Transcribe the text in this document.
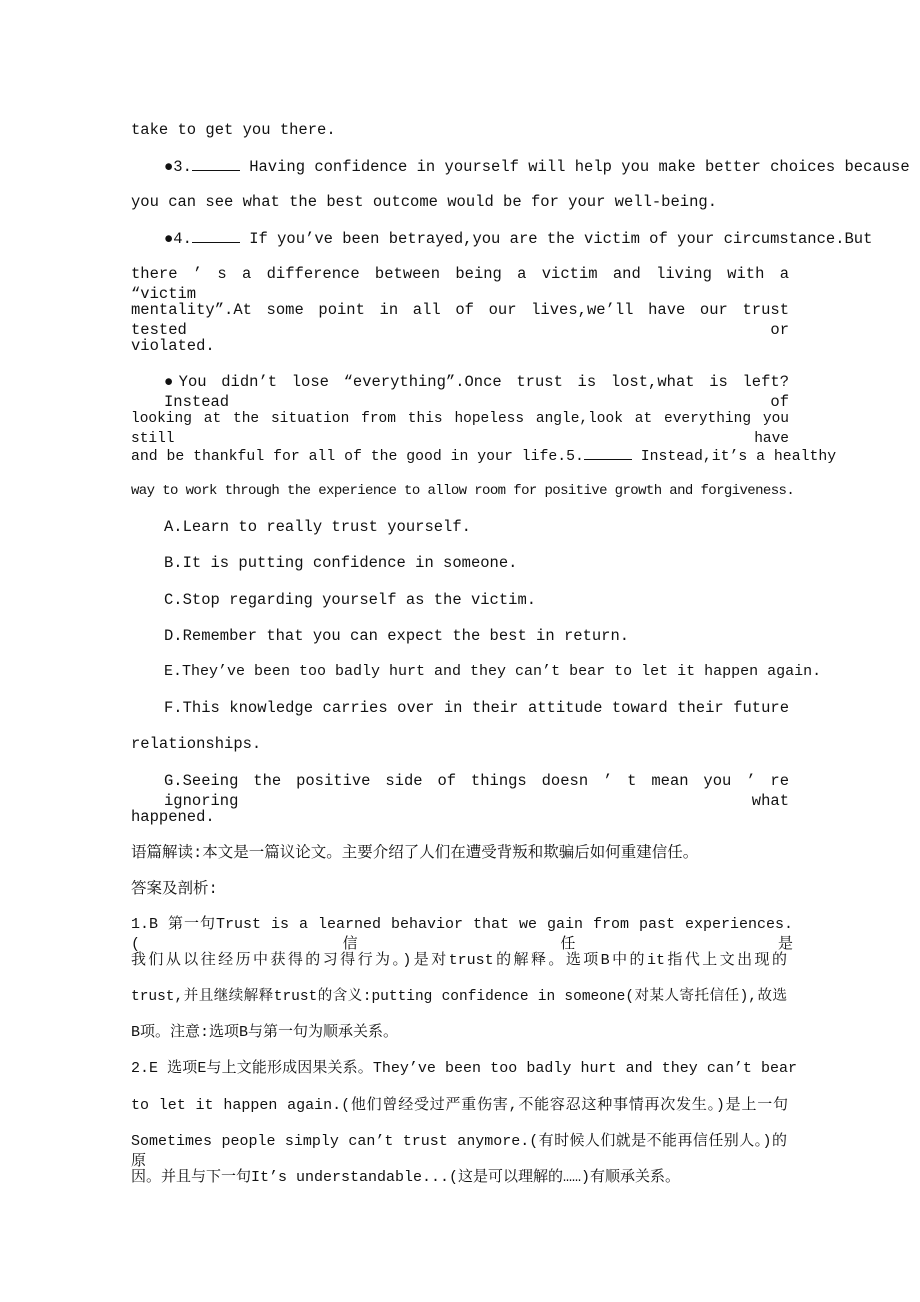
take to get you there.
●3.	Having confidence in yourself will help you make better choices because
you can see what the best outcome would be for your well-being.
●4.	If you’ve been betrayed,you are the victim of your circumstance.But
there ’ s a difference between being a victim and living with a “victim
mentality”.At some point in all of our lives,we’ll have our trust tested or
violated.
●You didn’t lose “everything”.Once trust is lost,what is left? Instead of
looking at the situation from this hopeless angle,look at everything you still have
and be thankful for all of the good in your life.5.	Instead,it’s a healthy
way to work through the experience to allow room for positive growth and forgiveness.
A.Learn to really trust yourself.
B.It is putting confidence in someone.
C.Stop regarding yourself as the victim.
D.Remember that you can expect the best in return.
E.They’ve been too badly hurt and they can’t bear to let it happen again.
F.This knowledge carries over in their attitude toward their future
relationships.
G.Seeing the positive side of things doesn ’ t mean you ’ re ignoring what
happened.
语篇解读:本文是一篇议论文。主要介绍了人们在遭受背叛和欺骗后如何重建信任。
答案及剖析:
1.B 第一句Trust is a learned behavior that we gain from past experiences.(信任是
我们从以往经历中获得的习得行为。)是对trust的解释。选项B中的it指代上文出现的
trust,并且继续解释trust的含义:putting confidence in someone(对某人寄托信任),故选
B项。注意:选项B与第一句为顺承关系。
2.E 选项E与上文能形成因果关系。They’ve been too badly hurt and they can’t bear
to let it happen again.(他们曾经受过严重伤害,不能容忍这种事情再次发生。)是上一句
Sometimes people simply can’t trust anymore.(有时候人们就是不能再信任别人。)的原
因。并且与下一句It’s understandable...(这是可以理解的……)有顺承关系。
